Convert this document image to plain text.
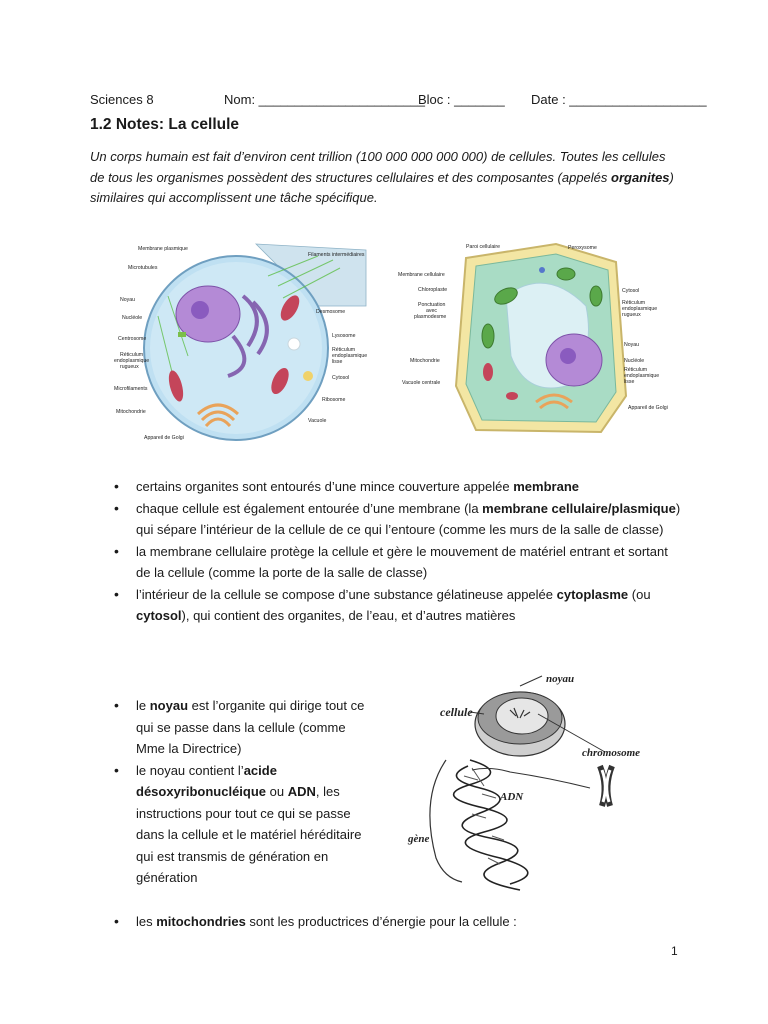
Sciences 8	Nom: _______________________
Bloc : _______ Date : ___________________
1.2 Notes: La cellule
Un corps humain est fait d’environ cent trillion (100 000 000 000 000) de cellules. Toutes les cellules de tous les organismes possèdent des structures cellulaires et des composantes (appelés organites) similaires qui accomplissent une tâche spécifique.
Membrane plasmique
Microtubules
Noyau
Nucléole
Centrosome
Réticulum
endoplasmique
rugueux
Microfilaments
Mitochondrie
Appareil de Golgi
Filaments intermédiaires
Desmosome
Lysosome
Réticulum
endoplasmique
lisse
Cytosol
Ribosome
Vacuole
Paroi cellulaire	Peroxysome
Membrane cellulaire
Chloroplaste
Ponctuation
avec
plasmodesme
Mitochondrie
Vacuole centrale
Cytosol
Réticulum
endoplasmique
rugueux
Noyau
Nucléole
Réticulum
endoplasmique
lisse
Appareil de Golgi
• certains organites sont entourés d’une mince couverture appelée membrane
• chaque cellule est également entourée d’une membrane (la membrane cellulaire/plasmique) qui sépare l’intérieur de la cellule de ce qui l’entoure (comme les murs de la salle de classe)
• la membrane cellulaire protège la cellule et gère le mouvement de matériel entrant et sortant de la cellule (comme la porte de la salle de classe)
• l’intérieur de la cellule se compose d’une substance gélatineuse appelée cytoplasme (ou cytosol), qui contient des organites, de l’eau, et d’autres matières
• le noyau est l’organite qui dirige tout ce qui se passe dans la cellule (comme Mme la Directrice)
• le noyau contient l’acide désoxyribonucléique ou ADN, les instructions pour tout ce qui se passe dans la cellule et le matériel héréditaire qui est transmis de génération en génération
noyau
cellule
chromosome
ADN
gène
• les mitochondries sont les productrices d’énergie pour la cellule :
1
